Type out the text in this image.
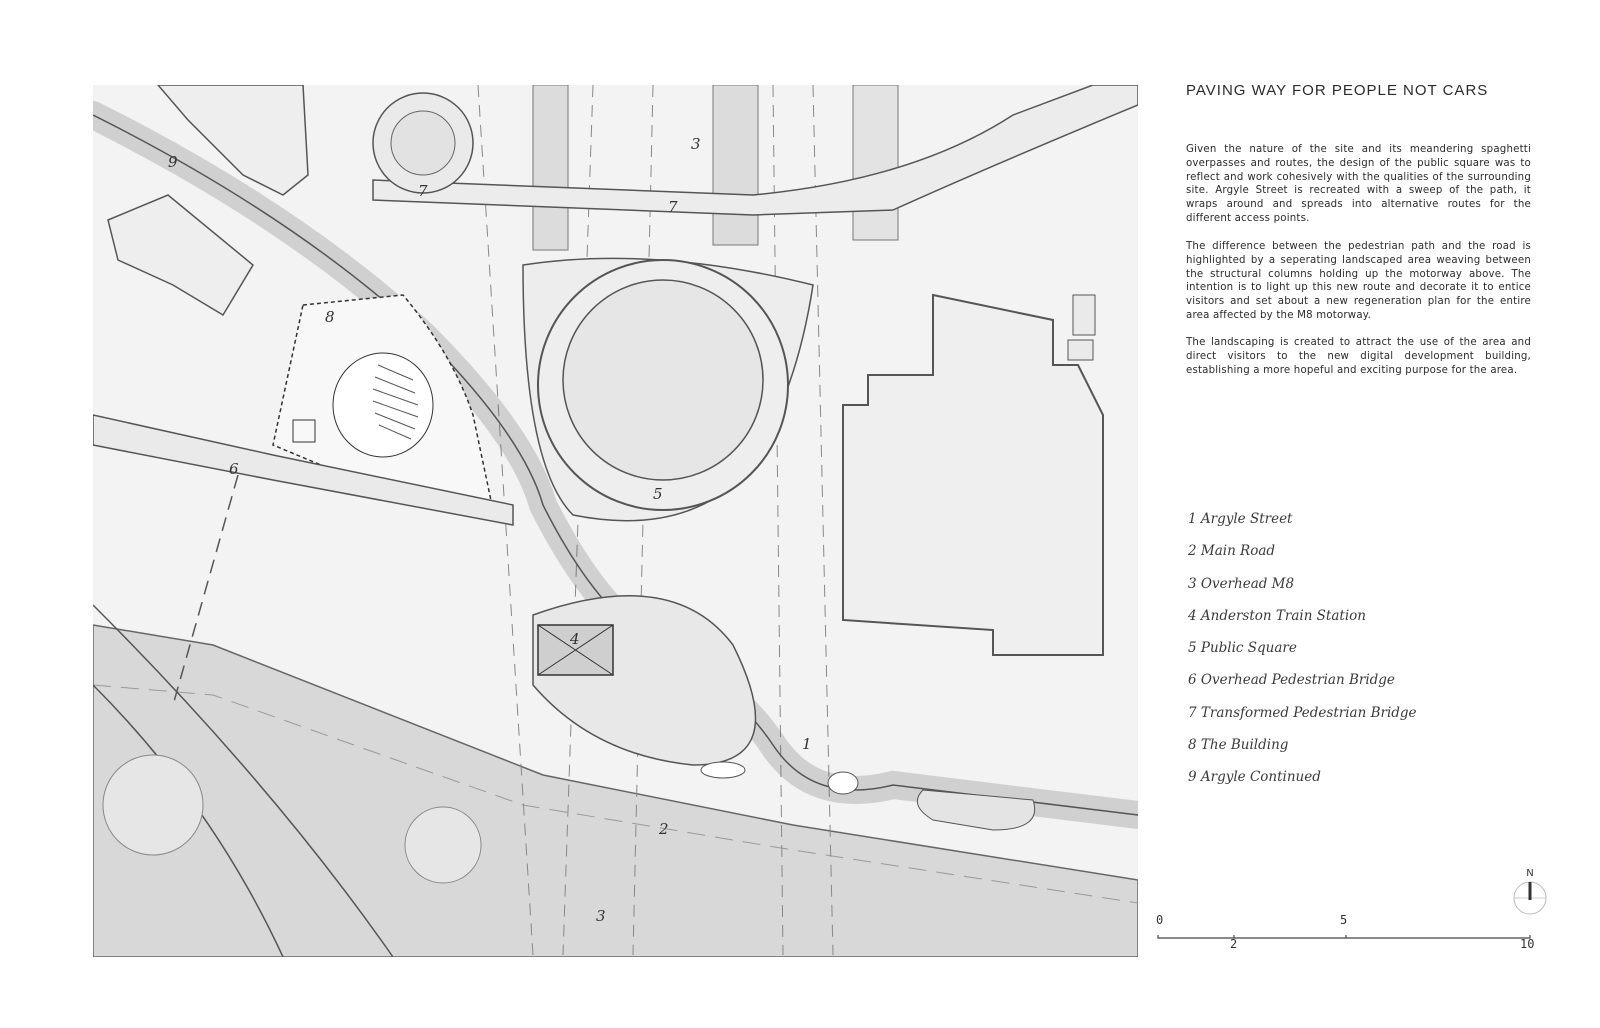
9
3
7
7
8
6
5
4
1
2
3
PAVING WAY FOR PEOPLE NOT CARS

Given the nature of the site and its meandering spaghetti overpasses and routes, the design of the public square was to reflect and work cohesively with the qualities of the surrounding site. Argyle Street is recreated with a sweep of the path, it wraps around and spreads into alternative routes for the different access points.

The difference between the pedestrian path and the road is highlighted by a seperating landscaped area weaving between the structural columns holding up the motorway above. The intention is to light up this new route and decorate it to entice visitors and set about a new regeneration plan for the entire area affected by the M8 motorway.

The landscaping is created to attract the use of the area and direct visitors to the new digital development building, establishing a more hopeful and exciting purpose for the area.

1 Argyle Street
2 Main Road
3 Overhead M8
4 Anderston Train Station
5 Public Square
6 Overhead Pedestrian Bridge
7 Transformed Pedestrian Bridge
8 The Building
9 Argyle Continued
N
0	5
2	10
